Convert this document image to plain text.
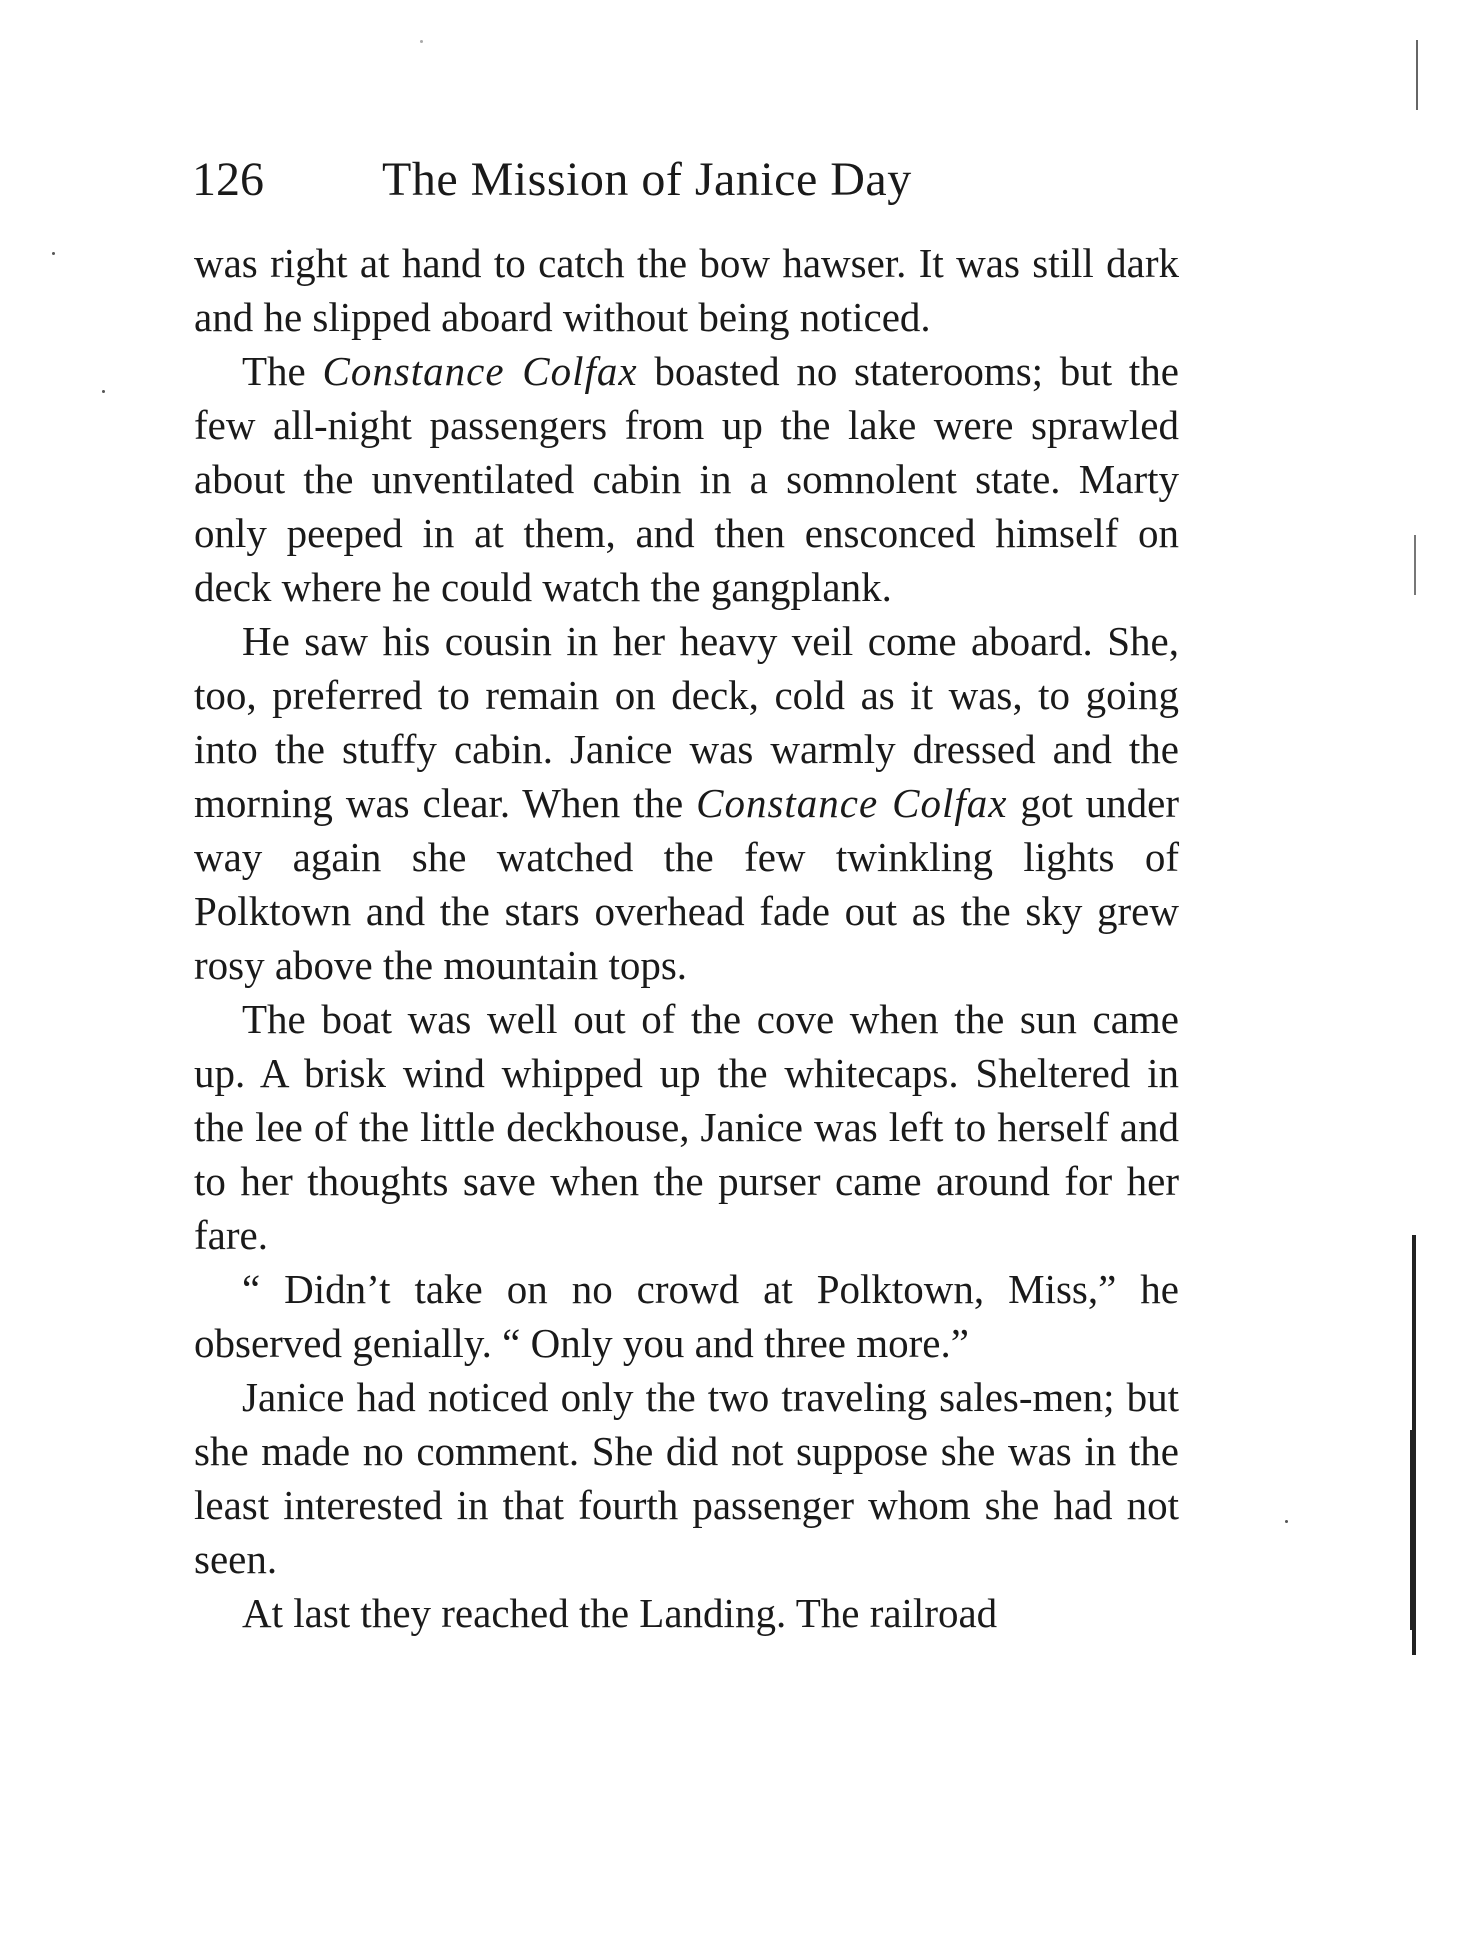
126 The Mission of Janice Day

was right at hand to catch the bow hawser. It was still dark and he slipped aboard without being noticed.

The Constance Colfax boasted no staterooms; but the few all-night passengers from up the lake were sprawled about the unventilated cabin in a somnolent state. Marty only peeped in at them, and then ensconced himself on deck where he could watch the gangplank.

He saw his cousin in her heavy veil come aboard. She, too, preferred to remain on deck, cold as it was, to going into the stuffy cabin. Janice was warmly dressed and the morning was clear. When the Constance Colfax got under way again she watched the few twinkling lights of Polktown and the stars overhead fade out as the sky grew rosy above the mountain tops.

The boat was well out of the cove when the sun came up. A brisk wind whipped up the whitecaps. Sheltered in the lee of the little deckhouse, Janice was left to herself and to her thoughts save when the purser came around for her fare.

“ Didn’t take on no crowd at Polktown, Miss,” he observed genially. “ Only you and three more.”

Janice had noticed only the two traveling sales-men; but she made no comment. She did not suppose she was in the least interested in that fourth passenger whom she had not seen.

At last they reached the Landing. The railroad
